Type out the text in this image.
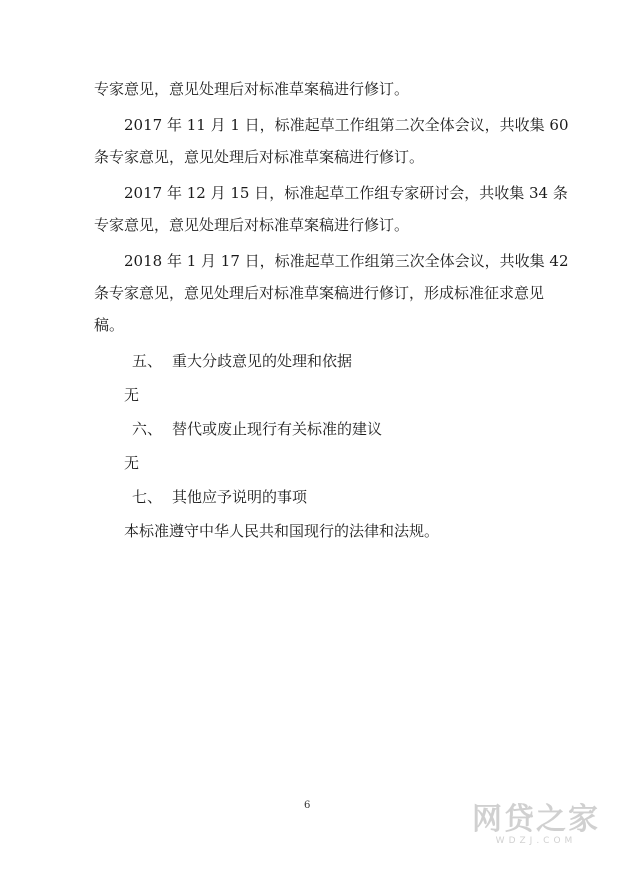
专家意见，意见处理后对标准草案稿进行修订。
2017 年 11 月 1 日，标准起草工作组第二次全体会议，共收集 60
条专家意见，意见处理后对标准草案稿进行修订。
2017 年 12 月 15 日，标准起草工作组专家研讨会，共收集 34 条
专家意见，意见处理后对标准草案稿进行修订。
2018 年 1 月 17 日，标准起草工作组第三次全体会议，共收集 42
条专家意见，意见处理后对标准草案稿进行修订，形成标准征求意见
稿。
五、 重大分歧意见的处理和依据
无
六、 替代或废止现行有关标准的建议
无
七、 其他应予说明的事项
本标准遵守中华人民共和国现行的法律和法规。
6	网贷之家
WDZJ.COM
